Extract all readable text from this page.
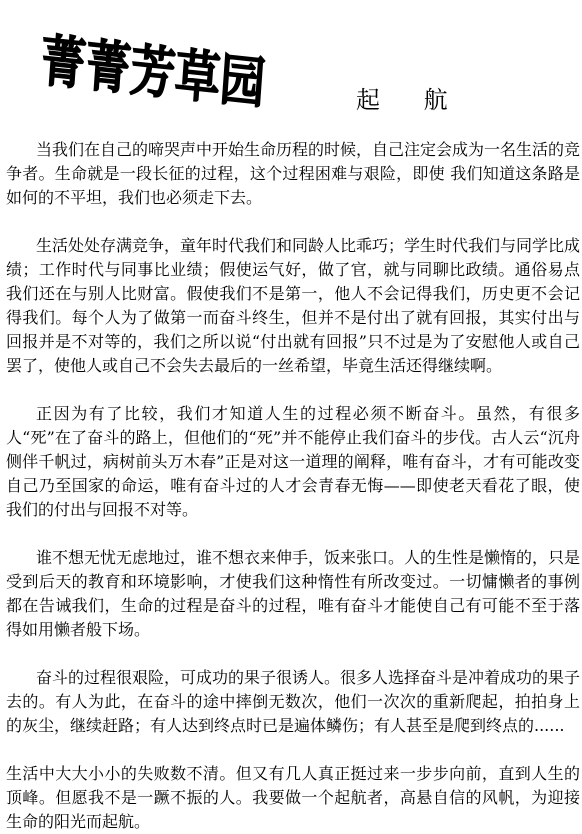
菁菁芳草园 起 航

当我们在自己的啼哭声中开始生命历程的时候，自己注定会成为一名生活的竞争者。生命就是一段长征的过程，这个过程困难与艰险，即使 我们知道这条路是如何的不平坦，我们也必须走下去。

生活处处存满竞争，童年时代我们和同龄人比乖巧；学生时代我们与同学比成绩；工作时代与同事比业绩；假使运气好，做了官，就与同聊比政绩。通俗易点我们还在与别人比财富。假使我们不是第一，他人不会记得我们，历史更不会记得我们。每个人为了做第一而奋斗终生，但并不是付出了就有回报，其实付出与回报并是不对等的，我们之所以说“付出就有回报”只不过是为了安慰他人或自己罢了，使他人或自己不会失去最后的一丝希望，毕竟生活还得继续啊。

正因为有了比较，我们才知道人生的过程必须不断奋斗。虽然，有很多人“死”在了奋斗的路上，但他们的“死”并不能停止我们奋斗的步伐。古人云“沉舟侧伴千帆过，病树前头万木春”正是对这一道理的阐释，唯有奋斗，才有可能改变自己乃至国家的命运，唯有奋斗过的人才会青春无悔——即使老天看花了眼，使我们的付出与回报不对等。

谁不想无忧无虑地过，谁不想衣来伸手，饭来张口。人的生性是懒惰的，只是受到后天的教育和环境影响，才使我们这种惰性有所改变过。一切慵懒者的事例都在告诫我们，生命的过程是奋斗的过程，唯有奋斗才能使自己有可能不至于落得如用懒者般下场。

奋斗的过程很艰险，可成功的果子很诱人。很多人选择奋斗是冲着成功的果子去的。有人为此，在奋斗的途中摔倒无数次，他们一次次的重新爬起，拍拍身上的灰尘，继续赶路；有人达到终点时已是遍体鳞伤；有人甚至是爬到终点的......

生活中大大小小的失败数不清。但又有几人真正挺过来一步步向前，直到人生的顶峰。但愿我不是一蹶不振的人。我要做一个起航者，高悬自信的风帆，为迎接生命的阳光而起航。
